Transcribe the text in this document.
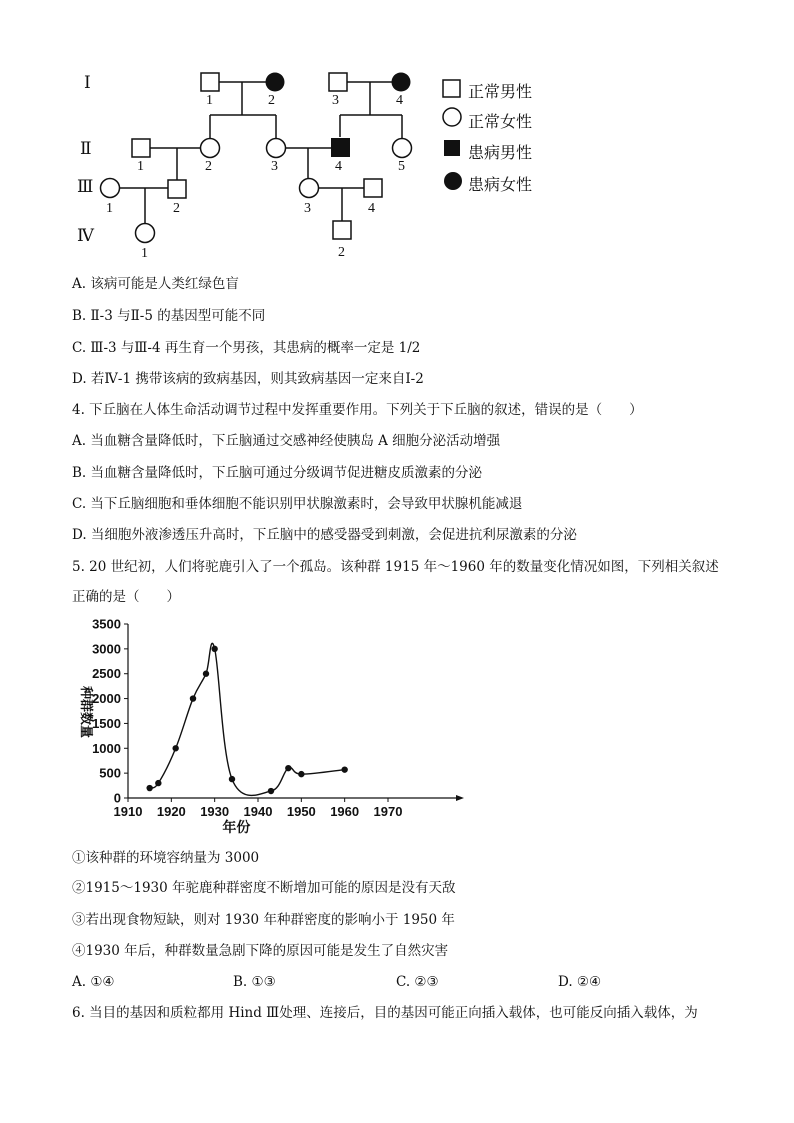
Ⅰ
Ⅱ
Ⅲ
Ⅳ
1	2	3	4
1	2	3	4	5
1	2	3	4
1	2
正常男性
正常女性
患病男性
患病女性
A. 该病可能是人类红绿色盲
B. Ⅱ-3 与Ⅱ-5 的基因型可能不同
C. Ⅲ-3 与Ⅲ-4 再生育一个男孩，其患病的概率一定是 1/2
D. 若Ⅳ-1 携带该病的致病基因，则其致病基因一定来自Ⅰ-2
4. 下丘脑在人体生命活动调节过程中发挥重要作用。下列关于下丘脑的叙述，错误的是（　　）
A. 当血糖含量降低时，下丘脑通过交感神经使胰岛 A 细胞分泌活动增强
B. 当血糖含量降低时，下丘脑可通过分级调节促进糖皮质激素的分泌
C. 当下丘脑细胞和垂体细胞不能识别甲状腺激素时，会导致甲状腺机能减退
D. 当细胞外液渗透压升高时，下丘脑中的感受器受到刺激，会促进抗利尿激素的分泌
5. 20 世纪初，人们将驼鹿引入了一个孤岛。该种群 1915 年～1960 年的数量变化情况如图，下列相关叙述
正确的是（　　）
0
500
1000
1500
2000
2500
3000
3500
1910 1920 1930 1940 1950 1960 1970
年份
种群数量
①该种群的环境容纳量为 3000
②1915～1930 年驼鹿种群密度不断增加可能的原因是没有天敌
③若出现食物短缺，则对 1930 年种群密度的影响小于 1950 年
④1930 年后，种群数量急剧下降的原因可能是发生了自然灾害
A. ①④	B. ①③	C. ②③	D. ②④
6. 当目的基因和质粒都用 Hind Ⅲ处理、连接后，目的基因可能正向插入载体，也可能反向插入载体，为
